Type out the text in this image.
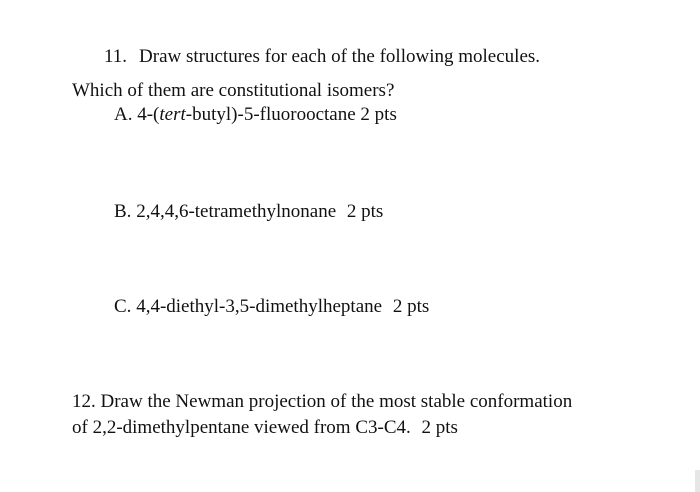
11. Draw structures for each of the following molecules.
Which of them are constitutional isomers?
A. 4-(tert-butyl)-5-fluorooctane 2 pts
B. 2,4,4,6-tetramethylnonane 2 pts
C. 4,4-diethyl-3,5-dimethylheptane 2 pts
12. Draw the Newman projection of the most stable conformation
of 2,2-dimethylpentane viewed from C3-C4. 2 pts
